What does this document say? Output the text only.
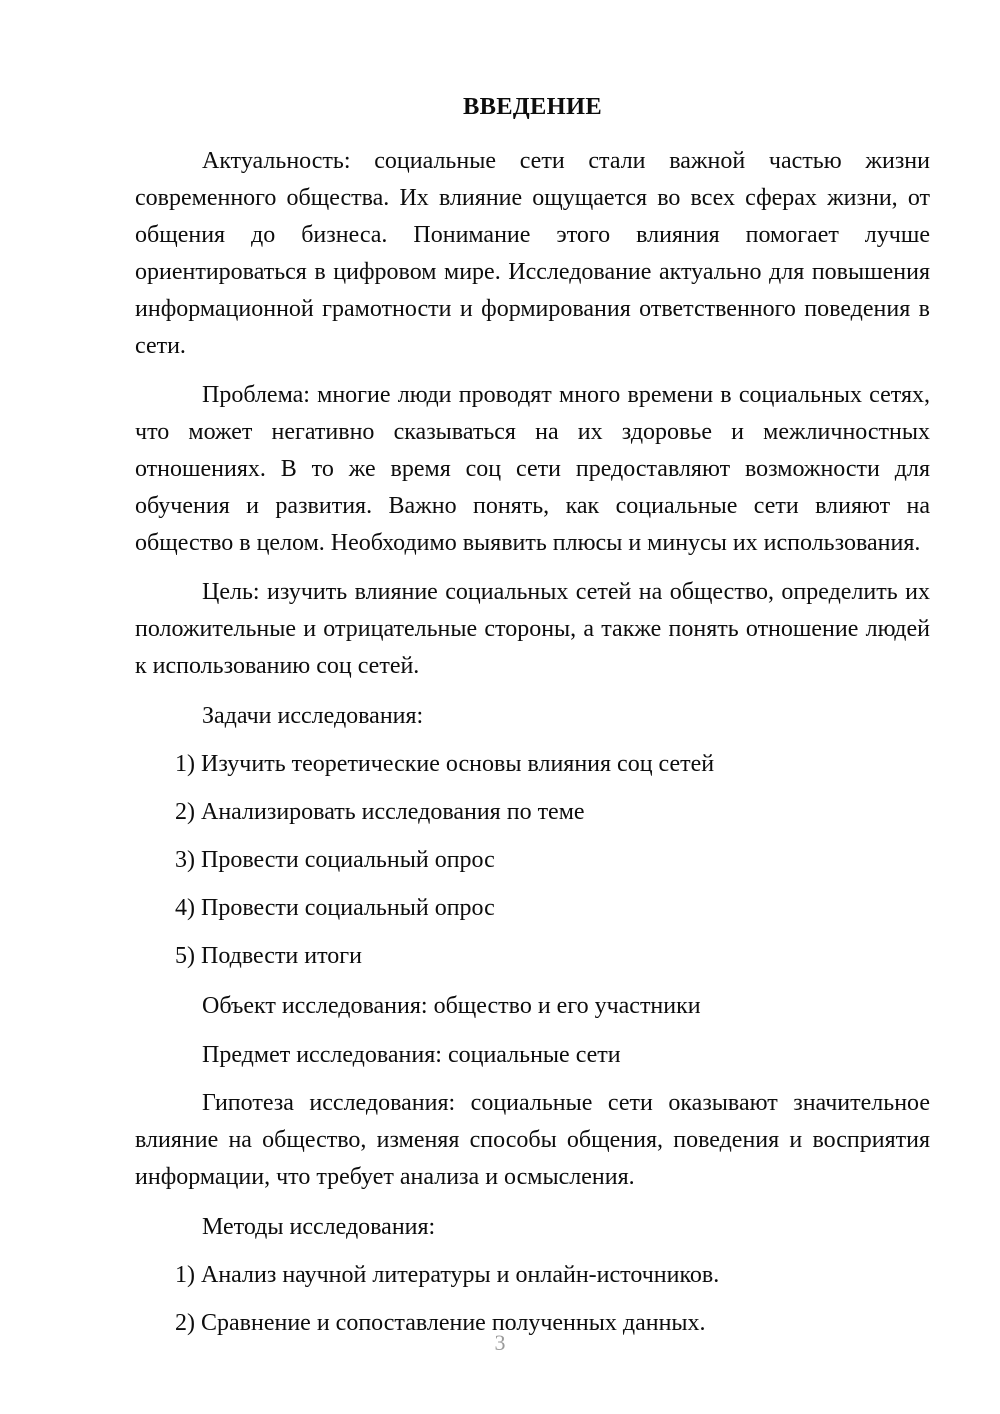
ВВЕДЕНИЕ

Актуальность: социальные сети стали важной частью жизни современного общества. Их влияние ощущается во всех сферах жизни, от общения до бизнеса. Понимание этого влияния помогает лучше ориентироваться в цифровом мире. Исследование актуально для повышения информационной грамотности и формирования ответственного поведения в сети.

Проблема: многие люди проводят много времени в социальных сетях, что может негативно сказываться на их здоровье и межличностных отношениях. В то же время соц сети предоставляют возможности для обучения и развития. Важно понять, как социальные сети влияют на общество в целом. Необходимо выявить плюсы и минусы их использования.

Цель: изучить влияние социальных сетей на общество, определить их положительные и отрицательные стороны, а также понять отношение людей к использованию соц сетей.

Задачи исследования:

1) Изучить теоретические основы влияния соц сетей
2) Анализировать исследования по теме
3) Провести социальный опрос
4) Провести социальный опрос
5) Подвести итоги

Объект исследования: общество и его участники

Предмет исследования: социальные сети

Гипотеза исследования: социальные сети оказывают значительное влияние на общество, изменяя способы общения, поведения и восприятия информации, что требует анализа и осмысления.

Методы исследования:

1) Анализ научной литературы и онлайн-источников.
2) Сравнение и сопоставление полученных данных.
3
